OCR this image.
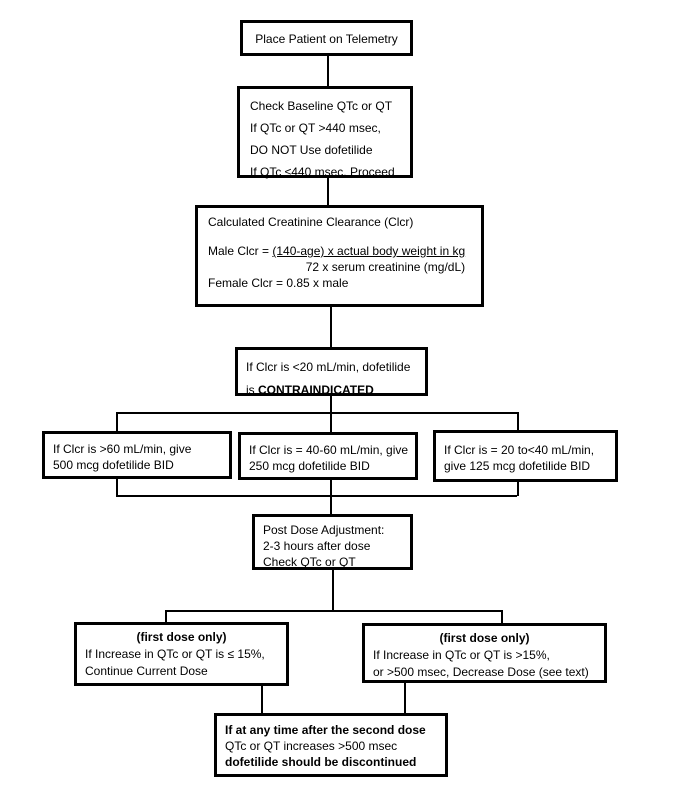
Place Patient on Telemetry
Check Baseline QTc or QT
If QTc or QT >440 msec,
DO NOT Use dofetilide
If QTc ≤440 msec, Proceed
Calculated Creatinine Clearance (Clcr)
Male Clcr = $\frac{\text{(140-age) x actual body weight in kg}}{\text{72 x serum creatinine (mg/dL)}}$
Female Clcr = 0.85 x male
If Clcr is <20 mL/min, dofetilide
is CONTRAINDICATED
If Clcr is >60 mL/min, give
500 mcg dofetilide BID
If Clcr is = 40-60 mL/min, give
250 mcg dofetilide BID
If Clcr is = 20 to<40 mL/min,
give 125 mcg dofetilide BID
Post Dose Adjustment:
2-3 hours after dose
Check QTc or QT
(first dose only)
If Increase in QTc or QT is ≤ 15%,
Continue Current Dose
(first dose only)
If Increase in QTc or QT is >15%,
or >500 msec, Decrease Dose (see text)
If at any time after the second dose
QTc or QT increases >500 msec
dofetilide should be discontinued
